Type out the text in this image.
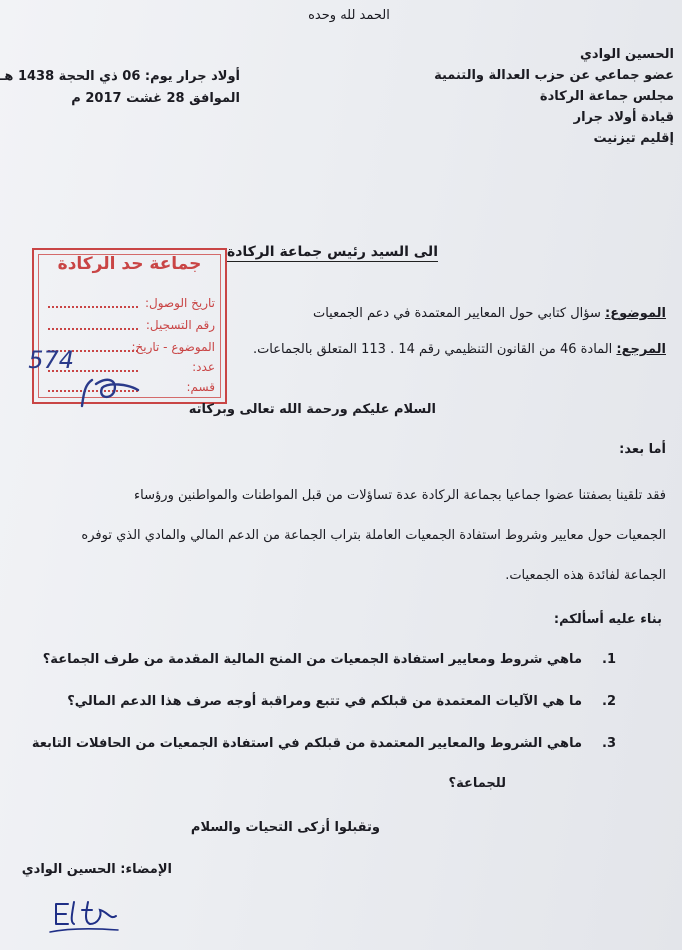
الحمد لله وحده
الحسين الوادي
عضو جماعي عن حزب العدالة والتنمية
مجلس جماعة الركادة
قيادة أولاد جرار
إقليم تيزنيت
أولاد جرار يوم: 06 ذي الحجة 1438 هـ
الموافق 28 غشت 2017 م
جماعة حد الركادة
تاريخ الوصول:
رقم التسجيل:
الموضوع - تاريخ:
عدد:
قسم:
574
الى السيد رئيس جماعة الركادة
الموضوع: سؤال كتابي حول المعايير المعتمدة في دعم الجمعيات
المرجع: المادة 46 من القانون التنظيمي رقم 14 . 113 المتعلق بالجماعات.
السلام عليكم ورحمة الله تعالى وبركاته
أما بعد:
فقد تلقينا بصفتنا عضوا جماعيا بجماعة الركادة عدة تساؤلات من قبل المواطنات والمواطنين ورؤساء
الجمعيات حول معايير وشروط استفادة الجمعيات العاملة بتراب الجماعة من الدعم المالي والمادي الذي توفره
الجماعة لفائدة هذه الجمعيات.
بناء عليه أسألكم:
1.
ماهي شروط ومعايير استفادة الجمعيات من المنح المالية المقدمة من طرف الجماعة؟
2.
ما هي الآليات المعتمدة من قبلكم في تتبع ومراقبة أوجه صرف هذا الدعم المالي؟
3.
ماهي الشروط والمعايير المعتمدة من قبلكم في استفادة الجمعيات من الحافلات التابعة
للجماعة؟
وتقبلوا أزكى التحيات والسلام
الإمضاء: الحسين الوادي
